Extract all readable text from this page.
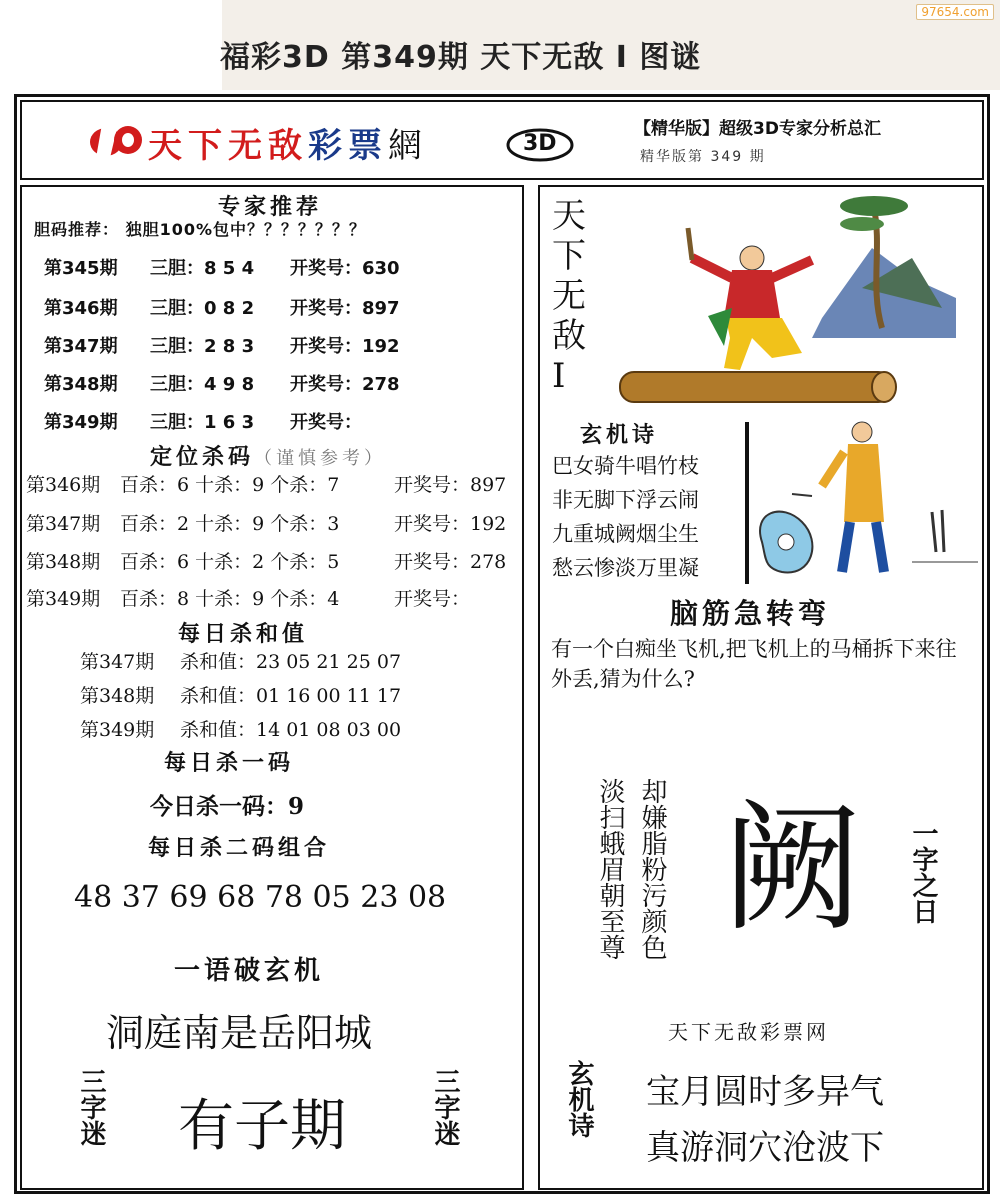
97654.com
福彩3D 第349期 天下无敌 I 图谜
天下无敌彩票網	3D
【精华版】超级3D专家分析总汇
精华版第 349 期
专家推荐
胆码推荐： 独胆100%包中？？？？？？？
第345期 三胆：8 5 4 开奖号：630
第346期 三胆：0 8 2 开奖号：897
第347期 三胆：2 8 3 开奖号：192
第348期 三胆：4 9 8 开奖号：278
第349期 三胆：1 6 3 开奖号：
定位杀码（谨慎参考）
第346期 百杀：6 十杀：9 个杀：7	开奖号：897
第347期 百杀：2 十杀：9 个杀：3	开奖号：192
第348期 百杀：6 十杀：2 个杀：5	开奖号：278
第349期 百杀：8 十杀：9 个杀：4	开奖号：
每日杀和值
第347期 杀和值：23 05 21 25 07
第348期 杀和值：01 16 00 11 17
第349期 杀和值：14 01 08 03 00
每日杀一码
今日杀一码：9
每日杀二码组合
48 37 69 68 78 05 23 08
一语破玄机
洞庭南是岳阳城
三字迷 有子期	三字迷
天下无敌I
玄机诗
巴女骑牛唱竹枝
非无脚下浮云闹
九重城阙烟尘生
愁云惨淡万里凝
脑筋急转弯
有一个白痴坐飞机,把飞机上的马桶拆下来往外丢,猜为什么?
却嫌脂粉污颜色
淡扫蛾眉朝至尊 阙	一字之日
天下无敌彩票网
玄机诗 宝月圆时多异气
真游洞穴沧波下
